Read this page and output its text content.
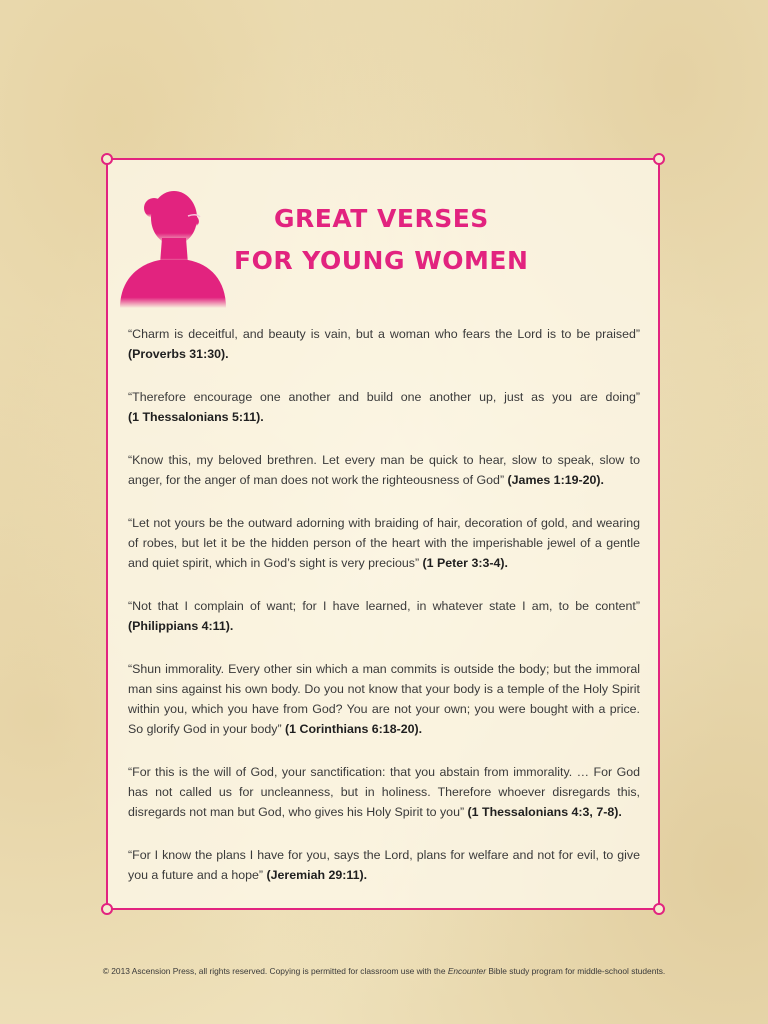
GREAT VERSES
FOR YOUNG WOMEN
“Charm is deceitful, and beauty is vain, but a woman who fears the Lord is to be praised” (Proverbs 31:30).
“Therefore encourage one another and build one another up, just as you are doing” (1 Thessalonians 5:11).
“Know this, my beloved brethren. Let every man be quick to hear, slow to speak, slow to anger, for the anger of man does not work the righteousness of God” (James 1:19-20).
“Let not yours be the outward adorning with braiding of hair, decoration of gold, and wearing of robes, but let it be the hidden person of the heart with the imperishable jewel of a gentle and quiet spirit, which in God’s sight is very precious” (1 Peter 3:3-4).
“Not that I complain of want; for I have learned, in whatever state I am, to be content” (Philippians 4:11).
“Shun immorality. Every other sin which a man commits is outside the body; but the immoral man sins against his own body. Do you not know that your body is a temple of the Holy Spirit within you, which you have from God? You are not your own; you were bought with a price. So glorify God in your body” (1 Corinthians 6:18-20).
“For this is the will of God, your sanctification: that you abstain from immorality. … For God has not called us for uncleanness, but in holiness. Therefore whoever disregards this, disregards not man but God, who gives his Holy Spirit to you” (1 Thessalonians 4:3, 7-8).
“For I know the plans I have for you, says the Lord, plans for welfare and not for evil, to give you a future and a hope” (Jeremiah 29:11).
© 2013 Ascension Press, all rights reserved. Copying is permitted for classroom use with the Encounter Bible study program for middle-school students.
